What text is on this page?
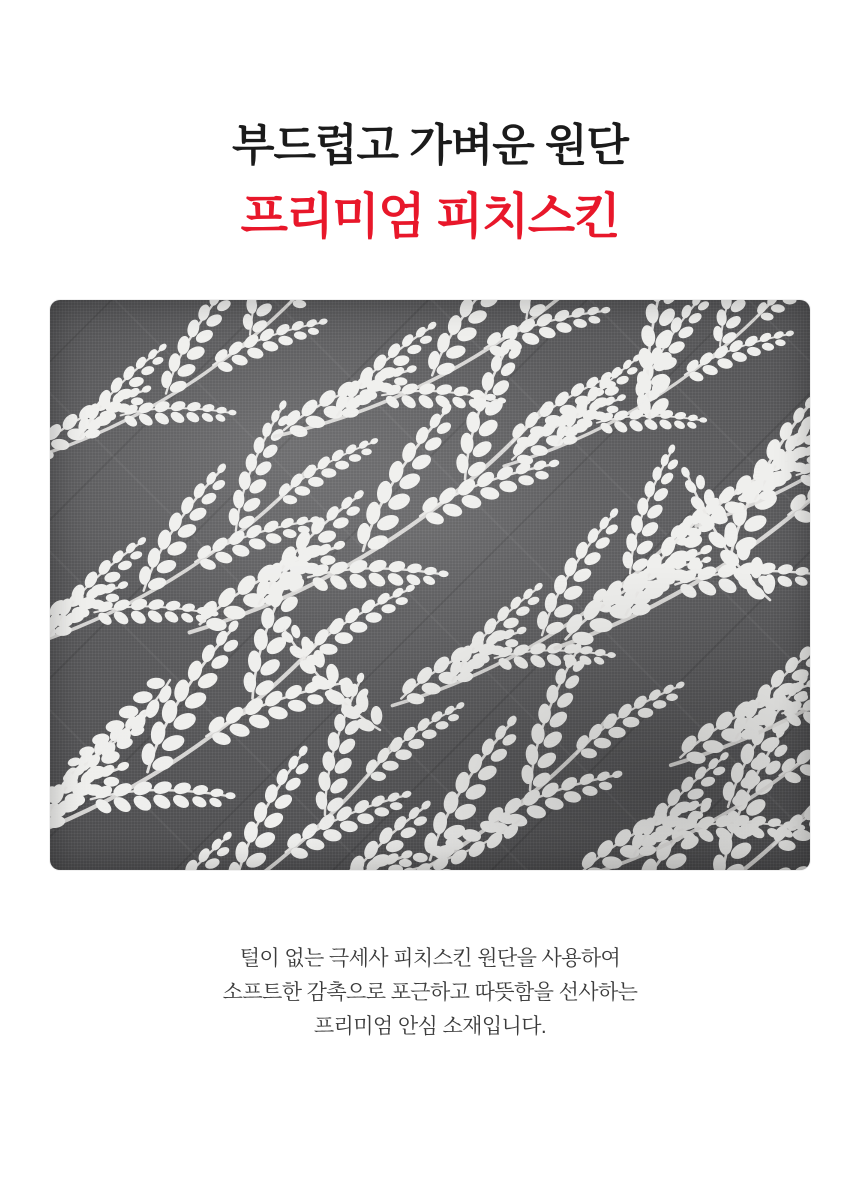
부드럽고 가벼운 원단
프리미엄 피치스킨
털이 없는 극세사 피치스킨 원단을 사용하여
소프트한 감촉으로 포근하고 따뜻함을 선사하는
프리미엄 안심 소재입니다.
